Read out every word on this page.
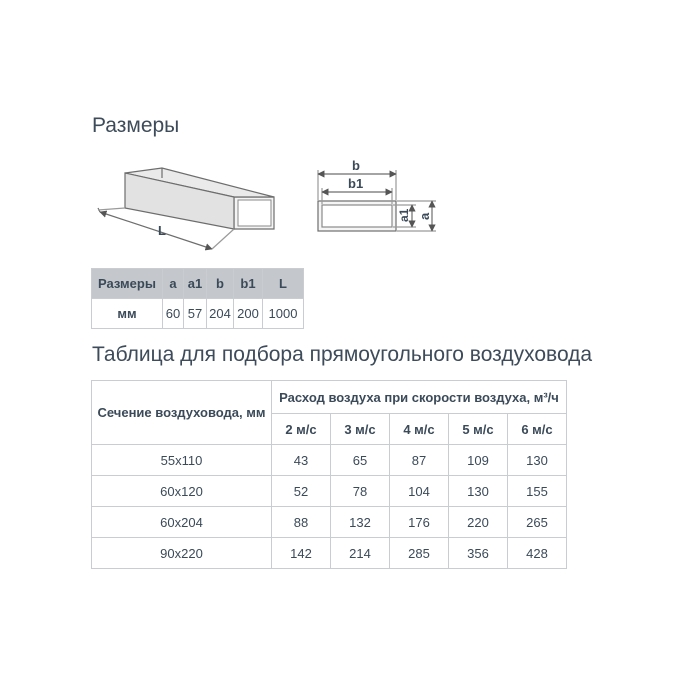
Размеры
L
b
b1
a1 a
Размеры	a	a1	b	b1	L
мм	60	57	204	200	1000
Таблица для подбора прямоугольного воздуховода
Сечение воздуховода, мм	Расход воздуха при скорости воздуха, м³/ч				
	2 м/с	3 м/с	4 м/с	5 м/с	6 м/с
55x110	43	65	87	109	130
60x120	52	78	104	130	155
60x204	88	132	176	220	265
90x220	142	214	285	356	428
